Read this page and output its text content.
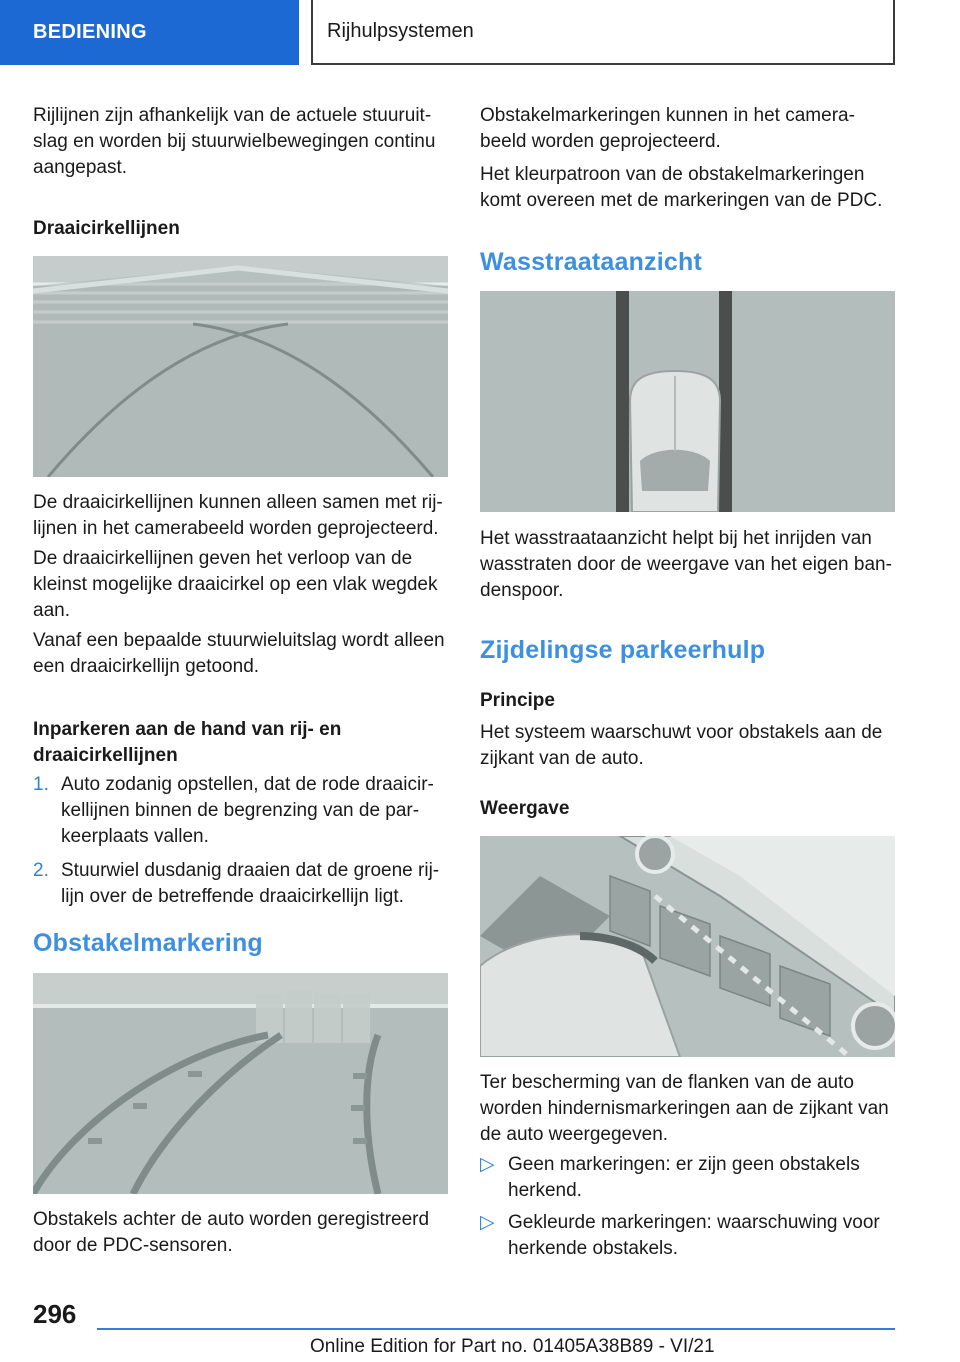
BEDIENING	Rijhulpsystemen

Rijlijnen zijn afhankelijk van de actuele stuuruit-

slag en worden bij stuurwielbewegingen continu

aangepast.

Draaicirkellijnen

De draaicirkellijnen kunnen alleen samen met rij-

lijnen in het camerabeeld worden geprojecteerd.

De draaicirkellijnen geven het verloop van de

kleinst mogelijke draaicirkel op een vlak wegdek

aan.

Vanaf een bepaalde stuurwieluitslag wordt alleen

een draaicirkellijn getoond.

Inparkeren aan de hand van rij- en

draaicirkellijnen

1. Auto zodanig opstellen, dat de rode draaicir-
kellijnen binnen de begrenzing van de par-
keerplaats vallen.
2. Stuurwiel dusdanig draaien dat de groene rij-
lijn over de betreffende draaicirkellijn ligt.

Obstakelmarkering

Obstakels achter de auto worden geregistreerd

door de PDC-sensoren.

Obstakelmarkeringen kunnen in het camera-

beeld worden geprojecteerd.

Het kleurpatroon van de obstakelmarkeringen

komt overeen met de markeringen van de PDC.

Wasstraataanzicht

Het wasstraataanzicht helpt bij het inrijden van

wasstraten door de weergave van het eigen ban-

denspoor.

Zijdelingse parkeerhulp

Principe

Het systeem waarschuwt voor obstakels aan de

zijkant van de auto.

Weergave

Ter bescherming van de flanken van de auto

worden hindernismarkeringen aan de zijkant van

de auto weergegeven.

▷ Geen markeringen: er zijn geen obstakels
herkend.
▷ Gekleurde markeringen: waarschuwing voor
herkende obstakels.
296
Online Edition for Part no. 01405A38B89 - VI/21
